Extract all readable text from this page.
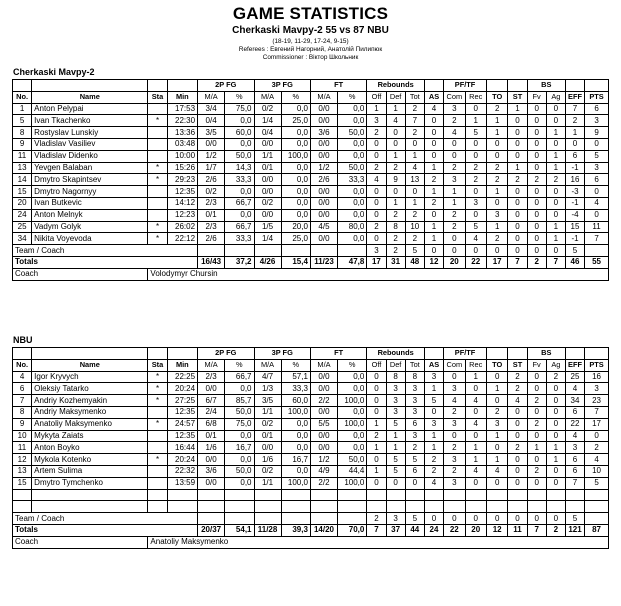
GAME STATISTICS
Cherkaski Mavpy-2 55 vs 87 NBU
(18-19, 11-29, 17-24, 9-15)
Referees : Евгений Нагорний, Анатолій Пилипюк
Commissioner : Віктор Школьник
Cherkaski Mavpy-2
				2P FG		3P FG		FT		Rebounds				PF/TF				BS			
No.	Name	Sta	Min	M/A	%	M/A	%	M/A	%	Off	Def	Tot	AS	Com	Rec	TO	ST	Fv	Ag	EFF	PTS
1	Anton Pelypai		17:53	3/4	75,0	0/2	0,0	0/0	0,0	1	1	2	4	3	0	2	1	0	0	7	6
5	Ivan Tkachenko	*	22:30	0/4	0,0	1/4	25,0	0/0	0,0	3	4	7	0	2	1	1	0	0	0	2	3
8	Rostyslav Lunskiy		13:36	3/5	60,0	0/4	0,0	3/6	50,0	2	0	2	0	4	5	1	0	0	1	1	9
9	Vladislav Vasiliev		03:48	0/0	0,0	0/0	0,0	0/0	0,0	0	0	0	0	0	0	0	0	0	0	0	0
11	Vladislav Didenko		10:00	1/2	50,0	1/1	100,0	0/0	0,0	0	1	1	0	0	0	0	0	0	1	6	5
13	Yevgen Balaban	*	15:26	1/7	14,3	0/1	0,0	1/2	50,0	2	2	4	1	2	2	2	1	0	1	-1	3
14	Dmytro Skapintsev	*	29:23	2/6	33,3	0/0	0,0	2/6	33,3	4	9	13	2	3	2	2	2	2	2	16	6
15	Dmytro Nagornyy		12:35	0/2	0,0	0/0	0,0	0/0	0,0	0	0	0	1	1	0	1	0	0	0	-3	0
20	Ivan Butkevic		14:12	2/3	66,7	0/2	0,0	0/0	0,0	0	1	1	2	1	3	0	0	0	0	-1	4
24	Anton Melnyk		12:23	0/1	0,0	0/0	0,0	0/0	0,0	0	2	2	0	2	0	3	0	0	0	-4	0
25	Vadym Golyk	*	26:02	2/3	66,7	1/5	20,0	4/5	80,0	2	8	10	1	2	5	1	0	0	1	15	11
34	Nikita Voyevoda	*	22:12	2/6	33,3	1/4	25,0	0/0	0,0	0	2	2	1	0	4	2	0	0	1	-1	7
Team / Coach										3	2	5	0	0	0	0	0	0	0	5	
Totals				16/43	37,2	4/26	15,4	11/23	47,8	17	31	48	12	20	22	17	7	2	7	46	55
Coach		Volodymyr Chursin																			
NBU
				2P FG		3P FG		FT		Rebounds				PF/TF				BS			
No.	Name	Sta	Min	M/A	%	M/A	%	M/A	%	Off	Def	Tot	AS	Com	Rec	TO	ST	Fv	Ag	EFF	PTS
4	Igor Kryvych	*	22:25	2/3	66,7	4/7	57,1	0/0	0,0	0	8	8	3	0	1	0	2	0	2	25	16
6	Oleksiy Tatarko	*	20:24	0/0	0,0	1/3	33,3	0/0	0,0	0	3	3	1	3	0	1	2	0	0	4	3
7	Andriy Kozhemyakin	*	27:25	6/7	85,7	3/5	60,0	2/2	100,0	0	3	3	5	4	4	0	4	2	0	34	23
8	Andriy Maksymenko		12:35	2/4	50,0	1/1	100,0	0/0	0,0	0	3	3	0	2	0	2	0	0	0	6	7
9	Anatoliy Maksymenko	*	24:57	6/8	75,0	0/2	0,0	5/5	100,0	1	5	6	3	3	4	3	0	2	0	22	17
10	Mykyta Zaiats		12:35	0/1	0,0	0/1	0,0	0/0	0,0	2	1	3	1	0	0	1	0	0	0	4	0
11	Anton Boyko		16:44	1/6	16,7	0/0	0,0	0/0	0,0	1	1	2	1	2	1	0	2	1	1	3	2
12	Mykola Kotenko	*	20:24	0/0	0,0	1/6	16,7	1/2	50,0	0	5	5	2	3	1	1	0	0	1	6	4
13	Artem Sulima		22:32	3/6	50,0	0/2	0,0	4/9	44,4	1	5	6	2	2	4	4	0	2	0	6	10
15	Dmytro Tymchenko		13:59	0/0	0,0	1/1	100,0	2/2	100,0	0	0	0	4	3	0	0	0	0	0	7	5

Team / Coach										2	3	5	0	0	0	0	0	0	0	5	
Totals				20/37	54,1	11/28	39,3	14/20	70,0	7	37	44	24	22	20	12	11	7	2	121	87
Coach		Anatoliy Maksymenko																			
